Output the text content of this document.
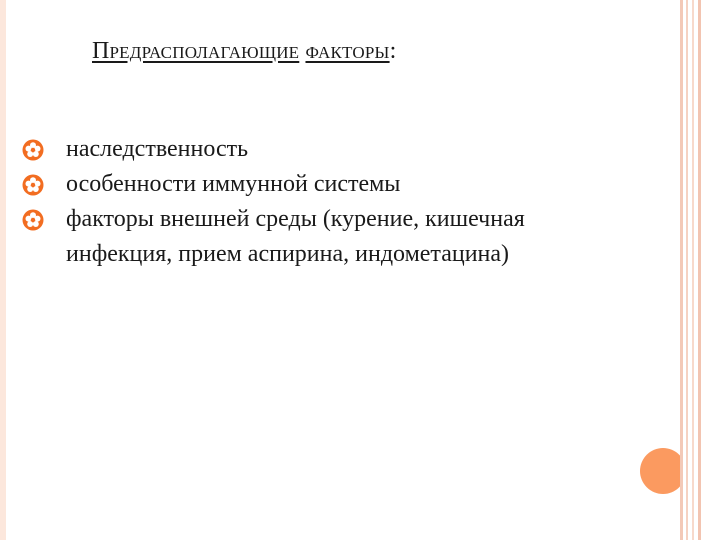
Предрасполагающие факторы:
наследственность
особенности иммунной системы
факторы внешней среды (курение, кишечная инфекция, прием аспирина, индометацина)
